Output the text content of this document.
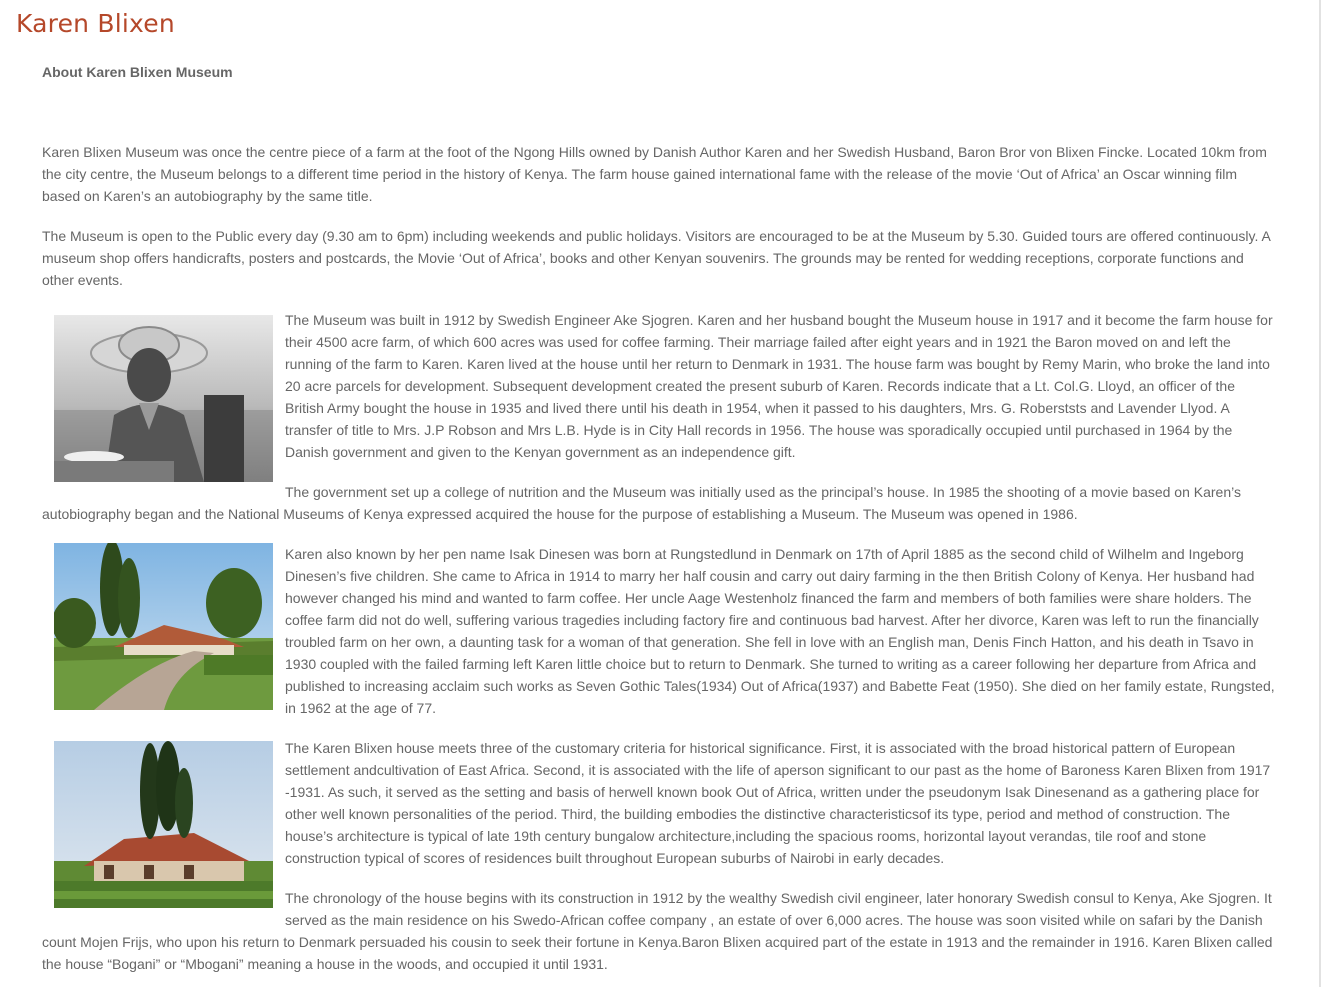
Karen Blixen
About Karen Blixen Museum

Karen Blixen Museum was once the centre piece of a farm at the foot of the Ngong Hills owned by Danish Author Karen and her Swedish Husband, Baron Bror von Blixen Fincke. Located 10km from the city centre, the Museum belongs to a different time period in the history of Kenya. The farm house gained international fame with the release of the movie ‘Out of Africa’ an Oscar winning film based on Karen’s an autobiography by the same title.

The Museum is open to the Public every day (9.30 am to 6pm) including weekends and public holidays. Visitors are encouraged to be at the Museum by 5.30. Guided tours are offered continuously. A museum shop offers handicrafts, posters and postcards, the Movie ‘Out of Africa’, books and other Kenyan souvenirs. The grounds may be rented for wedding receptions, corporate functions and other events.

The Museum was built in 1912 by Swedish Engineer Ake Sjogren. Karen and her husband bought the Museum house in 1917 and it become the farm house for their 4500 acre farm, of which 600 acres was used for coffee farming. Their marriage failed after eight years and in 1921 the Baron moved on and left the running of the farm to Karen. Karen lived at the house until her return to Denmark in 1931. The house farm was bought by Remy Marin, who broke the land into 20 acre parcels for development. Subsequent development created the present suburb of Karen. Records indicate that a Lt. Col.G. Lloyd, an officer of the British Army bought the house in 1935 and lived there until his death in 1954, when it passed to his daughters, Mrs. G. Roberststs and Lavender Llyod. A transfer of title to Mrs. J.P Robson and Mrs L.B. Hyde is in City Hall records in 1956. The house was sporadically occupied until purchased in 1964 by the Danish government and given to the Kenyan government as an independence gift.

The government set up a college of nutrition and the Museum was initially used as the principal’s house. In 1985 the shooting of a movie based on Karen’s autobiography began and the National Museums of Kenya expressed acquired the house for the purpose of establishing a Museum. The Museum was opened in 1986.

Karen also known by her pen name Isak Dinesen was born at Rungstedlund in Denmark on 17th of April 1885 as the second child of Wilhelm and Ingeborg Dinesen’s five children. She came to Africa in 1914 to marry her half cousin and carry out dairy farming in the then British Colony of Kenya. Her husband had however changed his mind and wanted to farm coffee. Her uncle Aage Westenholz financed the farm and members of both families were share holders. The coffee farm did not do well, suffering various tragedies including factory fire and continuous bad harvest. After her divorce, Karen was left to run the financially troubled farm on her own, a daunting task for a woman of that generation. She fell in love with an English man, Denis Finch Hatton, and his death in Tsavo in 1930 coupled with the failed farming left Karen little choice but to return to Denmark. She turned to writing as a career following her departure from Africa and published to increasing acclaim such works as Seven Gothic Tales(1934) Out of Africa(1937) and Babette Feat (1950). She died on her family estate, Rungsted, in 1962 at the age of 77.

The Karen Blixen house meets three of the customary criteria for historical significance. First, it is associated with the broad historical pattern of European settlement andcultivation of East Africa. Second, it is associated with the life of aperson significant to our past as the home of Baroness Karen Blixen from 1917 -1931. As such, it served as the setting and basis of herwell known book Out of Africa, written under the pseudonym Isak Dinesenand as a gathering place for other well known personalities of the period. Third, the building embodies the distinctive characteristicsof its type, period and method of construction. The house’s architecture is typical of late 19th century bungalow architecture,including the spacious rooms, horizontal layout verandas, tile roof and stone construction typical of scores of residences built throughout European suburbs of Nairobi in early decades.

The chronology of the house begins with its construction in 1912 by the wealthy Swedish civil engineer, later honorary Swedish consul to Kenya, Ake Sjogren. It served as the main residence on his Swedo-African coffee company , an estate of over 6,000 acres. The house was soon visited while on safari by the Danish count Mojen Frijs, who upon his return to Denmark persuaded his cousin to seek their fortune in Kenya.Baron Blixen acquired part of the estate in 1913 and the remainder in 1916. Karen Blixen called the house “Bogani” or “Mbogani” meaning a house in the woods, and occupied it until 1931.
